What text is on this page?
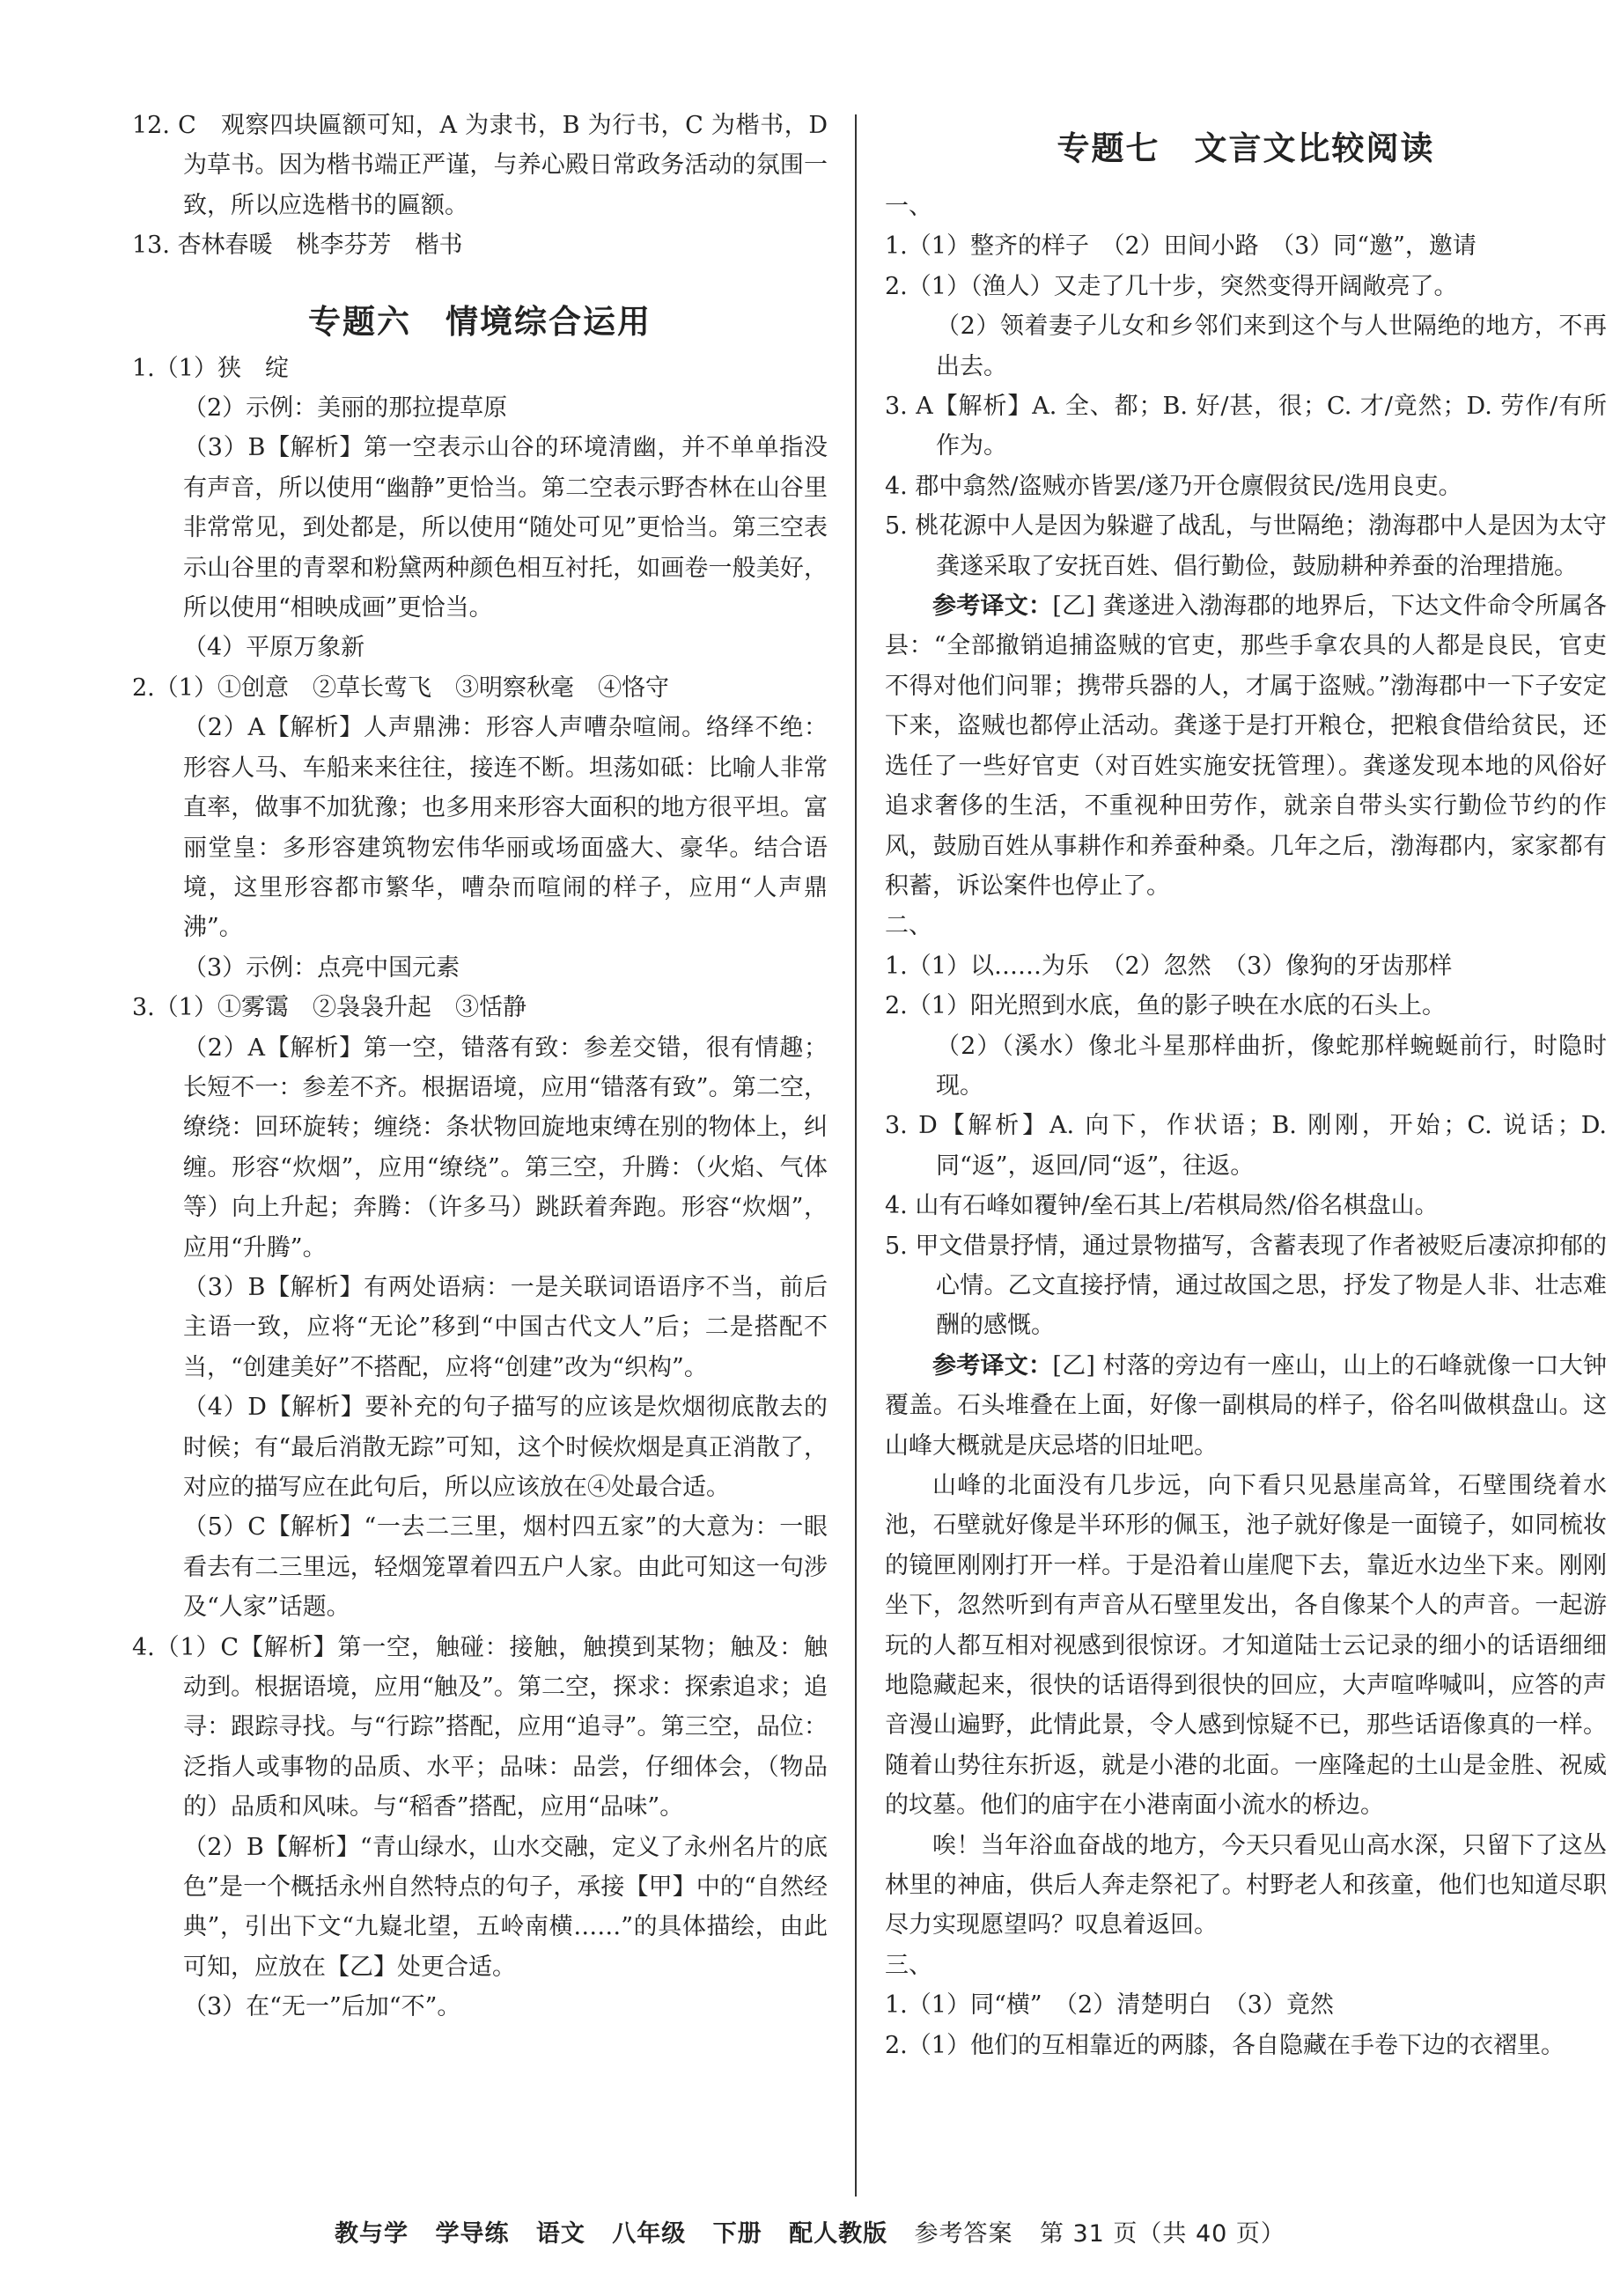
12. C　观察四块匾额可知，A 为隶书，B 为行书，C 为楷书，D 为草书。因为楷书端正严谨，与养心殿日常政务活动的氛围一致，所以应选楷书的匾额。

13. 杏林春暖　桃李芬芳　楷书

专题六　情境综合运用

1.（1）狭　绽

（2）示例：美丽的那拉提草原

（3）B【解析】第一空表示山谷的环境清幽，并不单单指没有声音，所以使用“幽静”更恰当。第二空表示野杏林在山谷里非常常见，到处都是，所以使用“随处可见”更恰当。第三空表示山谷里的青翠和粉黛两种颜色相互衬托，如画卷一般美好，所以使用“相映成画”更恰当。

（4）平原万象新

2.（1）①创意　②草长莺飞　③明察秋毫　④恪守

（2）A【解析】人声鼎沸：形容人声嘈杂喧闹。络绎不绝：形容人马、车船来来往往，接连不断。坦荡如砥：比喻人非常直率，做事不加犹豫；也多用来形容大面积的地方很平坦。富丽堂皇：多形容建筑物宏伟华丽或场面盛大、豪华。结合语境，这里形容都市繁华，嘈杂而喧闹的样子，应用“人声鼎沸”。

（3）示例：点亮中国元素

3.（1）①雾霭　②袅袅升起　③恬静

（2）A【解析】第一空，错落有致：参差交错，很有情趣；长短不一：参差不齐。根据语境，应用“错落有致”。第二空，缭绕：回环旋转；缠绕：条状物回旋地束缚在别的物体上，纠缠。形容“炊烟”，应用“缭绕”。第三空，升腾：（火焰、气体等）向上升起；奔腾：（许多马）跳跃着奔跑。形容“炊烟”，应用“升腾”。

（3）B【解析】有两处语病：一是关联词语语序不当，前后主语一致，应将“无论”移到“中国古代文人”后；二是搭配不当，“创建美好”不搭配，应将“创建”改为“织构”。

（4）D【解析】要补充的句子描写的应该是炊烟彻底散去的时候；有“最后消散无踪”可知，这个时候炊烟是真正消散了，对应的描写应在此句后，所以应该放在④处最合适。

（5）C【解析】“一去二三里，烟村四五家”的大意为：一眼看去有二三里远，轻烟笼罩着四五户人家。由此可知这一句涉及“人家”话题。

4.（1）C【解析】第一空，触碰：接触，触摸到某物；触及：触动到。根据语境，应用“触及”。第二空，探求：探索追求；追寻：跟踪寻找。与“行踪”搭配，应用“追寻”。第三空，品位：泛指人或事物的品质、水平；品味：品尝，仔细体会，（物品的）品质和风味。与“稻香”搭配，应用“品味”。

（2）B【解析】“青山绿水，山水交融，定义了永州名片的底色”是一个概括永州自然特点的句子，承接【甲】中的“自然经典”，引出下文“九嶷北望，五岭南横……”的具体描绘，由此可知，应放在【乙】处更合适。

（3）在“无一”后加“不”。

专题七　文言文比较阅读

一、

1.（1）整齐的样子　（2）田间小路　（3）同“邀”，邀请

2.（1）（渔人）又走了几十步，突然变得开阔敞亮了。

（2）领着妻子儿女和乡邻们来到这个与人世隔绝的地方，不再出去。

3. A【解析】A. 全、都；B. 好/甚，很；C. 才/竟然；D. 劳作/有所作为。

4. 郡中翕然/盗贼亦皆罢/遂乃开仓廪假贫民/选用良吏。

5. 桃花源中人是因为躲避了战乱，与世隔绝；渤海郡中人是因为太守龚遂采取了安抚百姓、倡行勤俭，鼓励耕种养蚕的治理措施。

参考译文：[乙] 龚遂进入渤海郡的地界后，下达文件命令所属各县：“全部撤销追捕盗贼的官吏，那些手拿农具的人都是良民，官吏不得对他们问罪；携带兵器的人，才属于盗贼。”渤海郡中一下子安定下来，盗贼也都停止活动。龚遂于是打开粮仓，把粮食借给贫民，还选任了一些好官吏（对百姓实施安抚管理）。龚遂发现本地的风俗好追求奢侈的生活，不重视种田劳作，就亲自带头实行勤俭节约的作风，鼓励百姓从事耕作和养蚕种桑。几年之后，渤海郡内，家家都有积蓄，诉讼案件也停止了。

二、

1.（1）以……为乐　（2）忽然　（3）像狗的牙齿那样

2.（1）阳光照到水底，鱼的影子映在水底的石头上。

（2）（溪水）像北斗星那样曲折，像蛇那样蜿蜒前行，时隐时现。

3. D【解析】A. 向下，作状语；B. 刚刚，开始；C. 说话；D. 同“返”，返回/同“返”，往返。

4. 山有石峰如覆钟/垒石其上/若棋局然/俗名棋盘山。

5. 甲文借景抒情，通过景物描写，含蓄表现了作者被贬后凄凉抑郁的心情。乙文直接抒情，通过故国之思，抒发了物是人非、壮志难酬的感慨。

参考译文：[乙] 村落的旁边有一座山，山上的石峰就像一口大钟覆盖。石头堆叠在上面，好像一副棋局的样子，俗名叫做棋盘山。这山峰大概就是庆忌塔的旧址吧。

山峰的北面没有几步远，向下看只见悬崖高耸，石壁围绕着水池，石壁就好像是半环形的佩玉，池子就好像是一面镜子，如同梳妆的镜匣刚刚打开一样。于是沿着山崖爬下去，靠近水边坐下来。刚刚坐下，忽然听到有声音从石壁里发出，各自像某个人的声音。一起游玩的人都互相对视感到很惊讶。才知道陆士云记录的细小的话语细细地隐藏起来，很快的话语得到很快的回应，大声喧哗喊叫，应答的声音漫山遍野，此情此景，令人感到惊疑不已，那些话语像真的一样。随着山势往东折返，就是小港的北面。一座隆起的土山是金胜、祝威的坟墓。他们的庙宇在小港南面小流水的桥边。

唉！当年浴血奋战的地方，今天只看见山高水深，只留下了这丛林里的神庙，供后人奔走祭祀了。村野老人和孩童，他们也知道尽职尽力实现愿望吗？叹息着返回。

三、

1.（1）同“横”　（2）清楚明白　（3）竟然

2.（1）他们的互相靠近的两膝，各自隐藏在手卷下边的衣褶里。

教与学 学导练 语文 八年级 下册 配人教版 参考答案 第 31 页（共 40 页）
